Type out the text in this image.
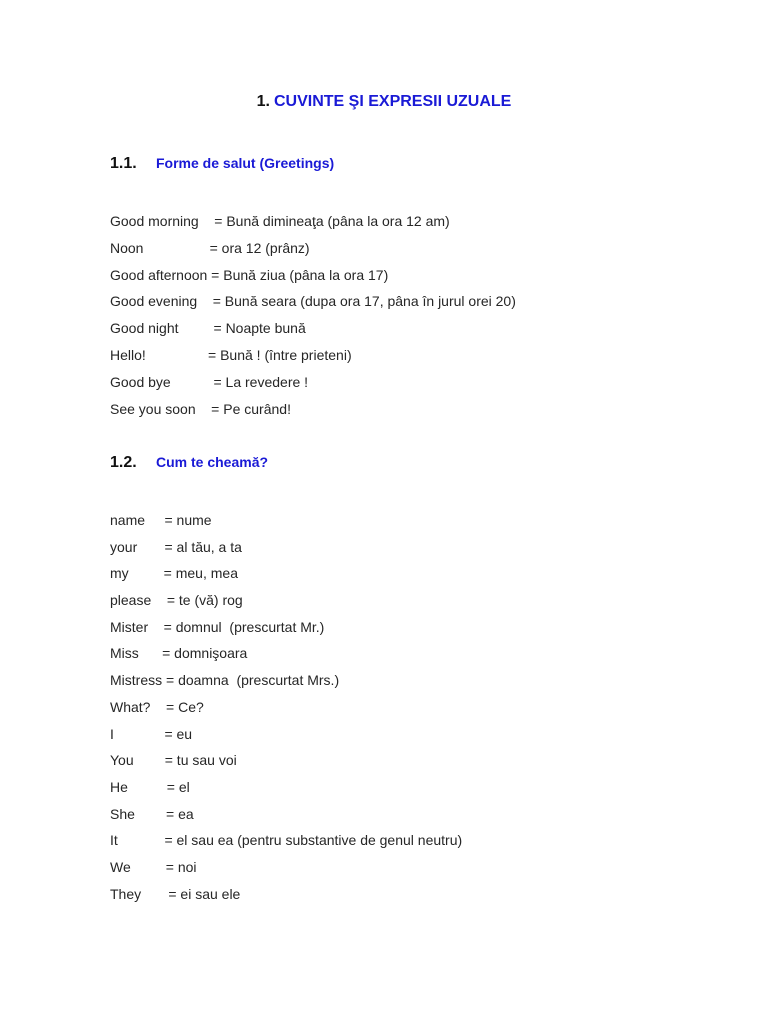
1. CUVINTE ŞI EXPRESII UZUALE
1.1. Forme de salut (Greetings)
Good morning    = Bună dimineaţa (pâna la ora 12 am)
Noon                 = ora 12 (prânz)
Good afternoon = Bună ziua (pâna la ora 17)
Good evening    = Bună seara (dupa ora 17, pâna în jurul orei 20)
Good night         = Noapte bună
Hello!                = Bună ! (între prieteni)
Good bye           = La revedere !
See you soon    = Pe curând!
1.2. Cum te cheamă?
name     = nume
your       = al tău, a ta
my         = meu, mea
please    = te (vă) rog
Mister    = domnul  (prescurtat Mr.)
Miss      = domnişoara
Mistress = doamna  (prescurtat Mrs.)
What?    = Ce?
I             = eu
You        = tu sau voi
He          = el
She        = ea
It            = el sau ea (pentru substantive de genul neutru)
We         = noi
They       = ei sau ele
